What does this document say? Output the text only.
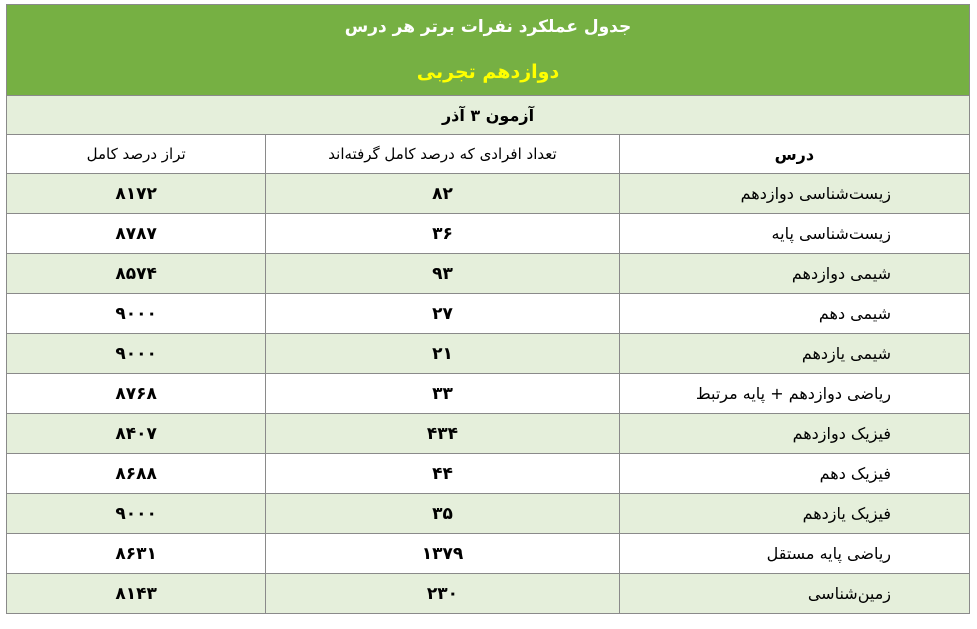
جدول عملکرد نفرات برتر هر درس		
دوازدهم تجربی		
آزمون ۳ آذر		
درس	تعداد افرادی که درصد کامل گرفته‌اند	تراز درصد کامل
زیست‌شناسی دوازدهم	۸۲	۸۱۷۲
زیست‌شناسی پایه	۳۶	۸۷۸۷
شیمی دوازدهم	۹۳	۸۵۷۴
شیمی دهم	۲۷	۹۰۰۰
شیمی یازدهم	۲۱	۹۰۰۰
ریاضی دوازدهم + پایه مرتبط	۳۳	۸۷۶۸
فیزیک دوازدهم	۴۳۴	۸۴۰۷
فیزیک دهم	۴۴	۸۶۸۸
فیزیک یازدهم	۳۵	۹۰۰۰
ریاضی پایه مستقل	۱۳۷۹	۸۶۳۱
زمین‌شناسی	۲۳۰	۸۱۴۳
